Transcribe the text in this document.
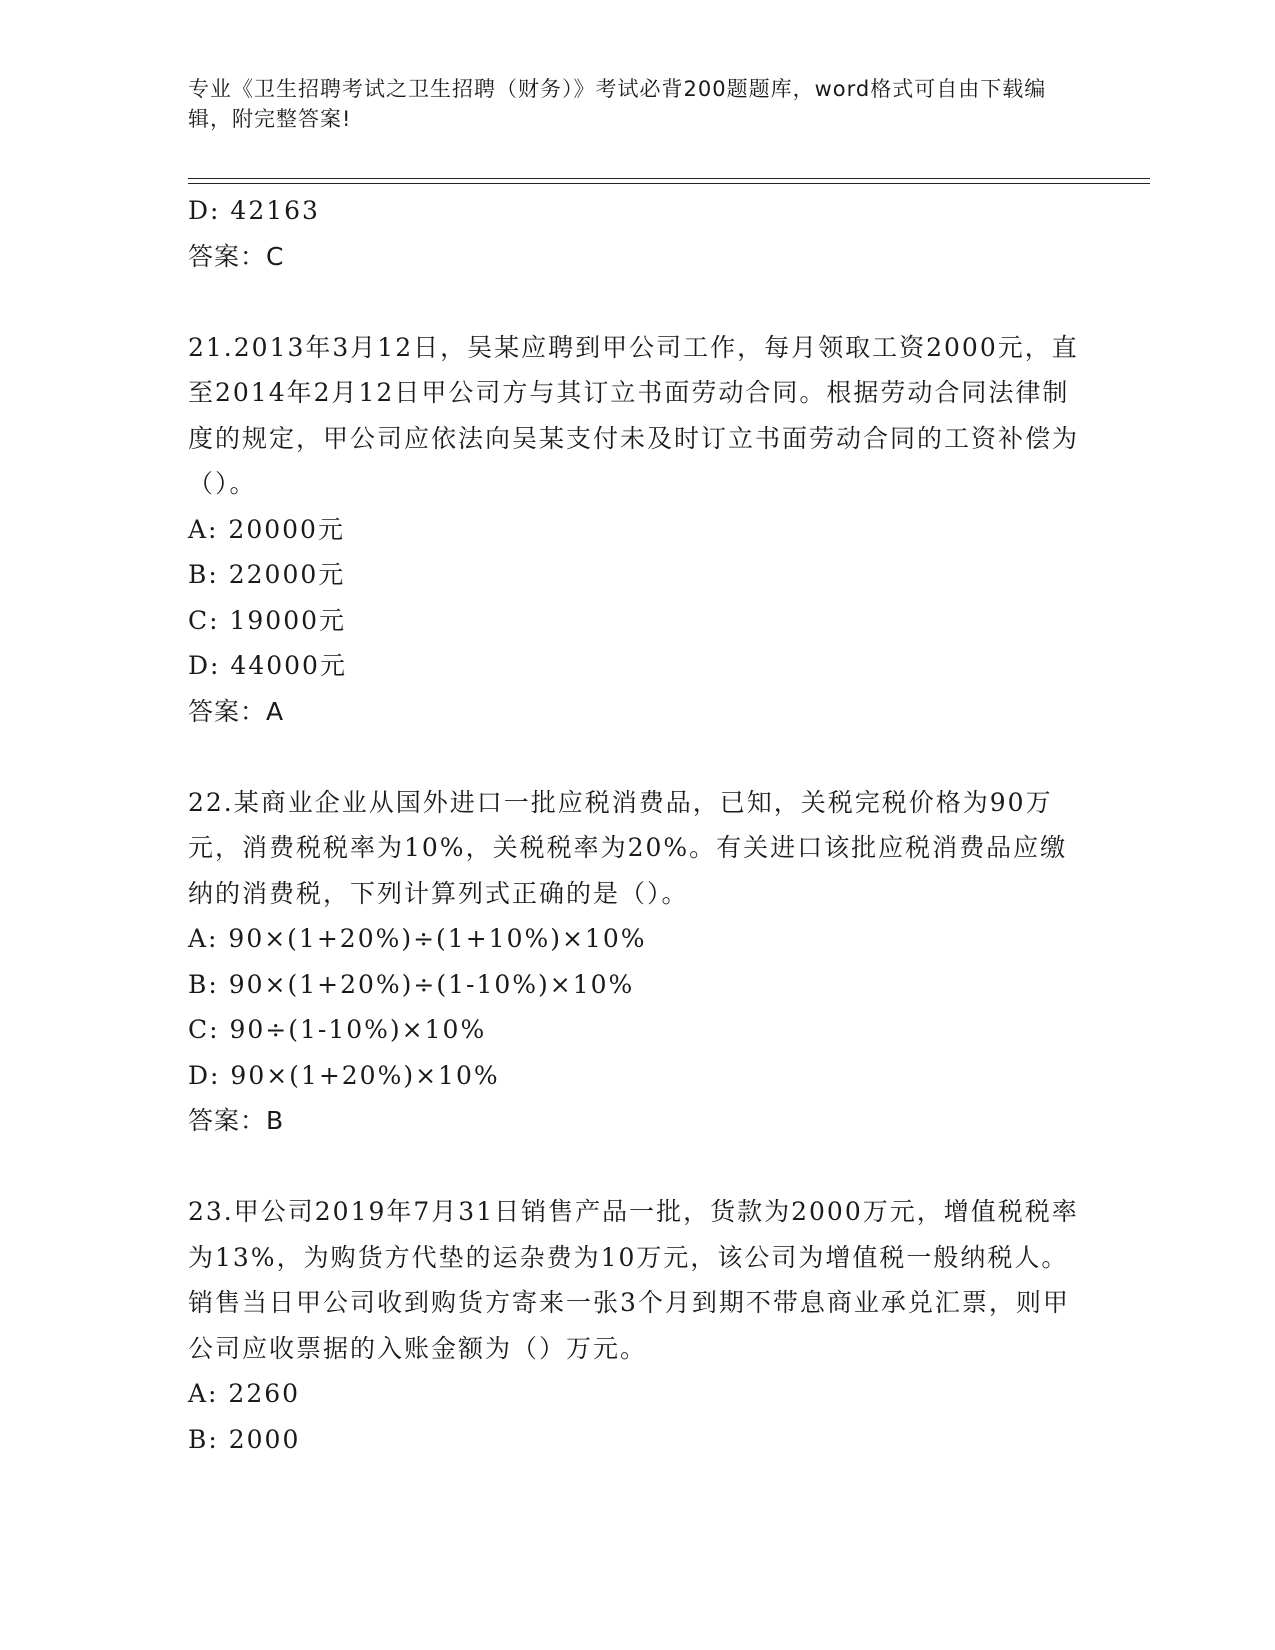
专业《卫生招聘考试之卫生招聘（财务）》考试必背200题题库，word格式可自由下载编辑，附完整答案!
D: 42163
答案：C
21.2013年3月12日，吴某应聘到甲公司工作，每月领取工资2000元，直至2014年2月12日甲公司方与其订立书面劳动合同。根据劳动合同法律制度的规定，甲公司应依法向吴某支付未及时订立书面劳动合同的工资补偿为（）。
A: 20000元
B: 22000元
C: 19000元
D: 44000元
答案：A
22.某商业企业从国外进口一批应税消费品，已知，关税完税价格为90万元，消费税税率为10%，关税税率为20%。有关进口该批应税消费品应缴纳的消费税，下列计算列式正确的是（）。
A: 90×(1+20%)÷(1+10%)×10%
B: 90×(1+20%)÷(1-10%)×10%
C: 90÷(1-10%)×10%
D: 90×(1+20%)×10%
答案：B
23.甲公司2019年7月31日销售产品一批，货款为2000万元，增值税税率为13%，为购货方代垫的运杂费为10万元，该公司为增值税一般纳税人。销售当日甲公司收到购货方寄来一张3个月到期不带息商业承兑汇票，则甲公司应收票据的入账金额为（）万元。
A: 2260
B: 2000
